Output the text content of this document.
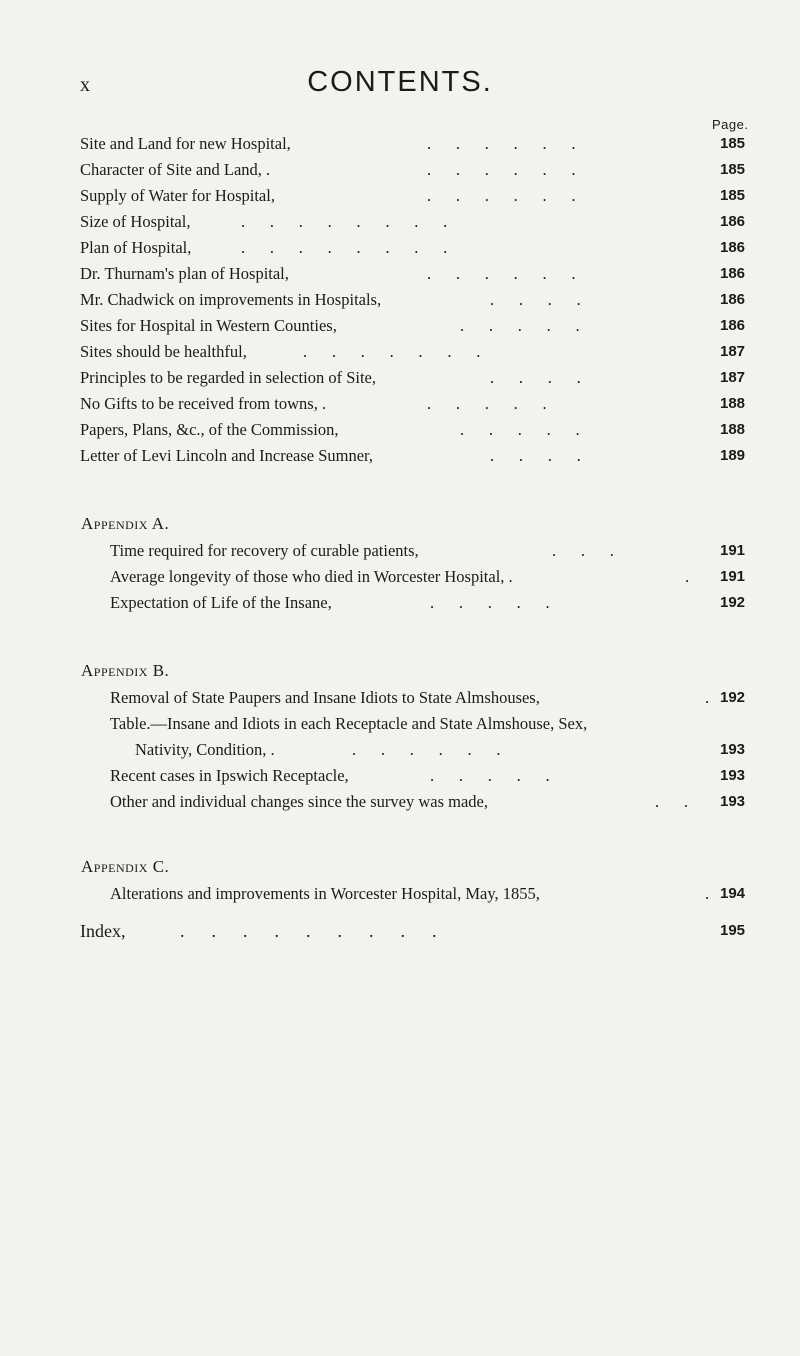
x	CONTENTS.
Page.
Site and Land for new Hospital,	.      .      .      .      .      .	185
Character of Site and Land, .	.      .      .      .      .      .	185
Supply of Water for Hospital,	.      .      .      .      .      .	185
Size of Hospital,	.      .      .      .      .      .      .      .	186
Plan of Hospital,	.      .      .      .      .      .      .      .	186
Dr. Thurnam's plan of Hospital,	.      .      .      .      .      .	186
Mr. Chadwick on improvements in Hospitals,	.      .      .      .	186
Sites for Hospital in Western Counties,	.      .      .      .      .	186
Sites should be healthful,	.      .      .      .      .      .      .	187
Principles to be regarded in selection of Site,	.      .      .      .	187
No Gifts to be received from towns, .	.      .      .      .      .	188
Papers, Plans, &c., of the Commission,	.      .      .      .      .	188
Letter of Levi Lincoln and Increase Sumner,	.      .      .      .	189
Appendix A.
Time required for recovery of curable patients,	.      .      .	191
Average longevity of those who died in Worcester Hospital, .	. 191
Expectation of Life of the Insane,	.      .      .      .      .	192
Appendix B.
Removal of State Paupers and Insane Idiots to State Almshouses,	. 192
Table.—Insane and Idiots in each Receptacle and State Almshouse, Sex,
Nativity, Condition, .	.      .      .      .      .      .	193
Recent cases in Ipswich Receptacle,	.      .      .      .      .	193
Other and individual changes since the survey was made,	.      . 193
Appendix C.
Alterations and improvements in Worcester Hospital, May, 1855,	. 194
Index,	.      .      .      .      .      .      .      .      .	195
